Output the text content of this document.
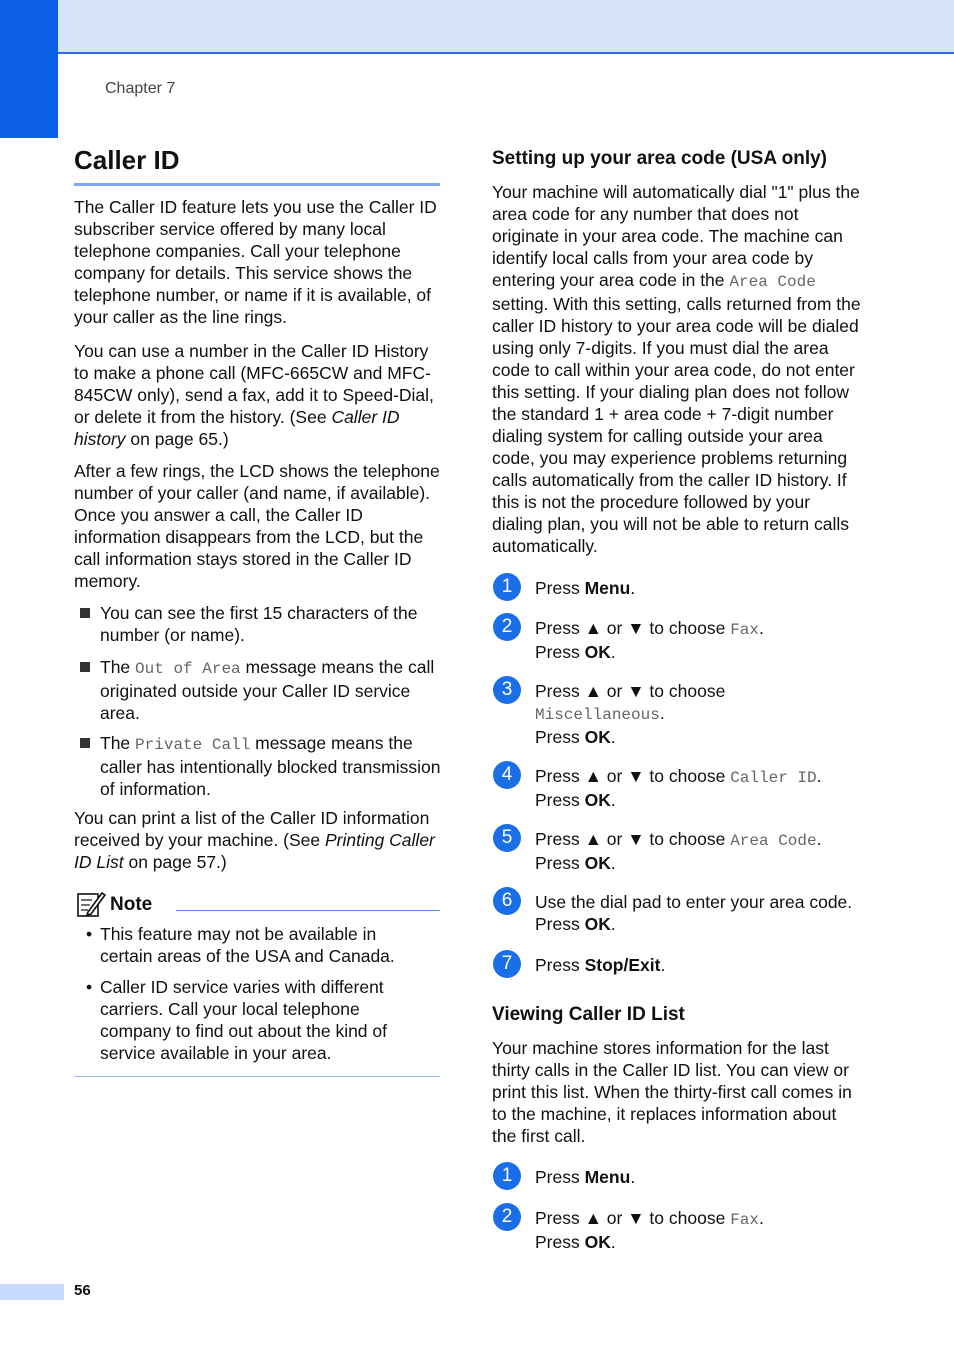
Chapter 7
Caller ID

The Caller ID feature lets you use the Caller ID subscriber service offered by many local telephone companies. Call your telephone company for details. This service shows the telephone number, or name if it is available, of your caller as the line rings.

You can use a number in the Caller ID History to make a phone call (MFC-665CW and MFC-845CW only), send a fax, add it to Speed-Dial, or delete it from the history. (See Caller ID history on page 65.)

After a few rings, the LCD shows the telephone number of your caller (and name, if available). Once you answer a call, the Caller ID information disappears from the LCD, but the call information stays stored in the Caller ID memory.

You can see the first 15 characters of the number (or name).
The Out of Area message means the call originated outside your Caller ID service area.
The Private Call message means the caller has intentionally blocked transmission of information.

You can print a list of the Caller ID information received by your machine. (See Printing Caller ID List on page 57.)

Note
• This feature may not be available in certain areas of the USA and Canada.
• Caller ID service varies with different carriers. Call your local telephone company to find out about the kind of service available in your area.
Setting up your area code (USA only)

Your machine will automatically dial "1" plus the area code for any number that does not originate in your area code. The machine can identify local calls from your area code by entering your area code in the Area Code setting. With this setting, calls returned from the caller ID history to your area code will be dialed using only 7-digits. If you must dial the area code to call within your area code, do not enter this setting. If your dialing plan does not follow the standard 1 + area code + 7-digit number dialing system for calling outside your area code, you may experience problems returning calls automatically from the caller ID history. If this is not the procedure followed by your dialing plan, you will not be able to return calls automatically.

1	Press Menu.
2	Press ▲ or ▼ to choose Fax.
Press OK.
3	Press ▲ or ▼ to choose
Miscellaneous.
Press OK.
4	Press ▲ or ▼ to choose Caller ID.
Press OK.
5	Press ▲ or ▼ to choose Area Code.
Press OK.
6	Use the dial pad to enter your area code.
Press OK.
7	Press Stop/Exit.
Viewing Caller ID List

Your machine stores information for the last thirty calls in the Caller ID list. You can view or print this list. When the thirty-first call comes in to the machine, it replaces information about the first call.

1	Press Menu.
2	Press ▲ or ▼ to choose Fax.
Press OK.
56
